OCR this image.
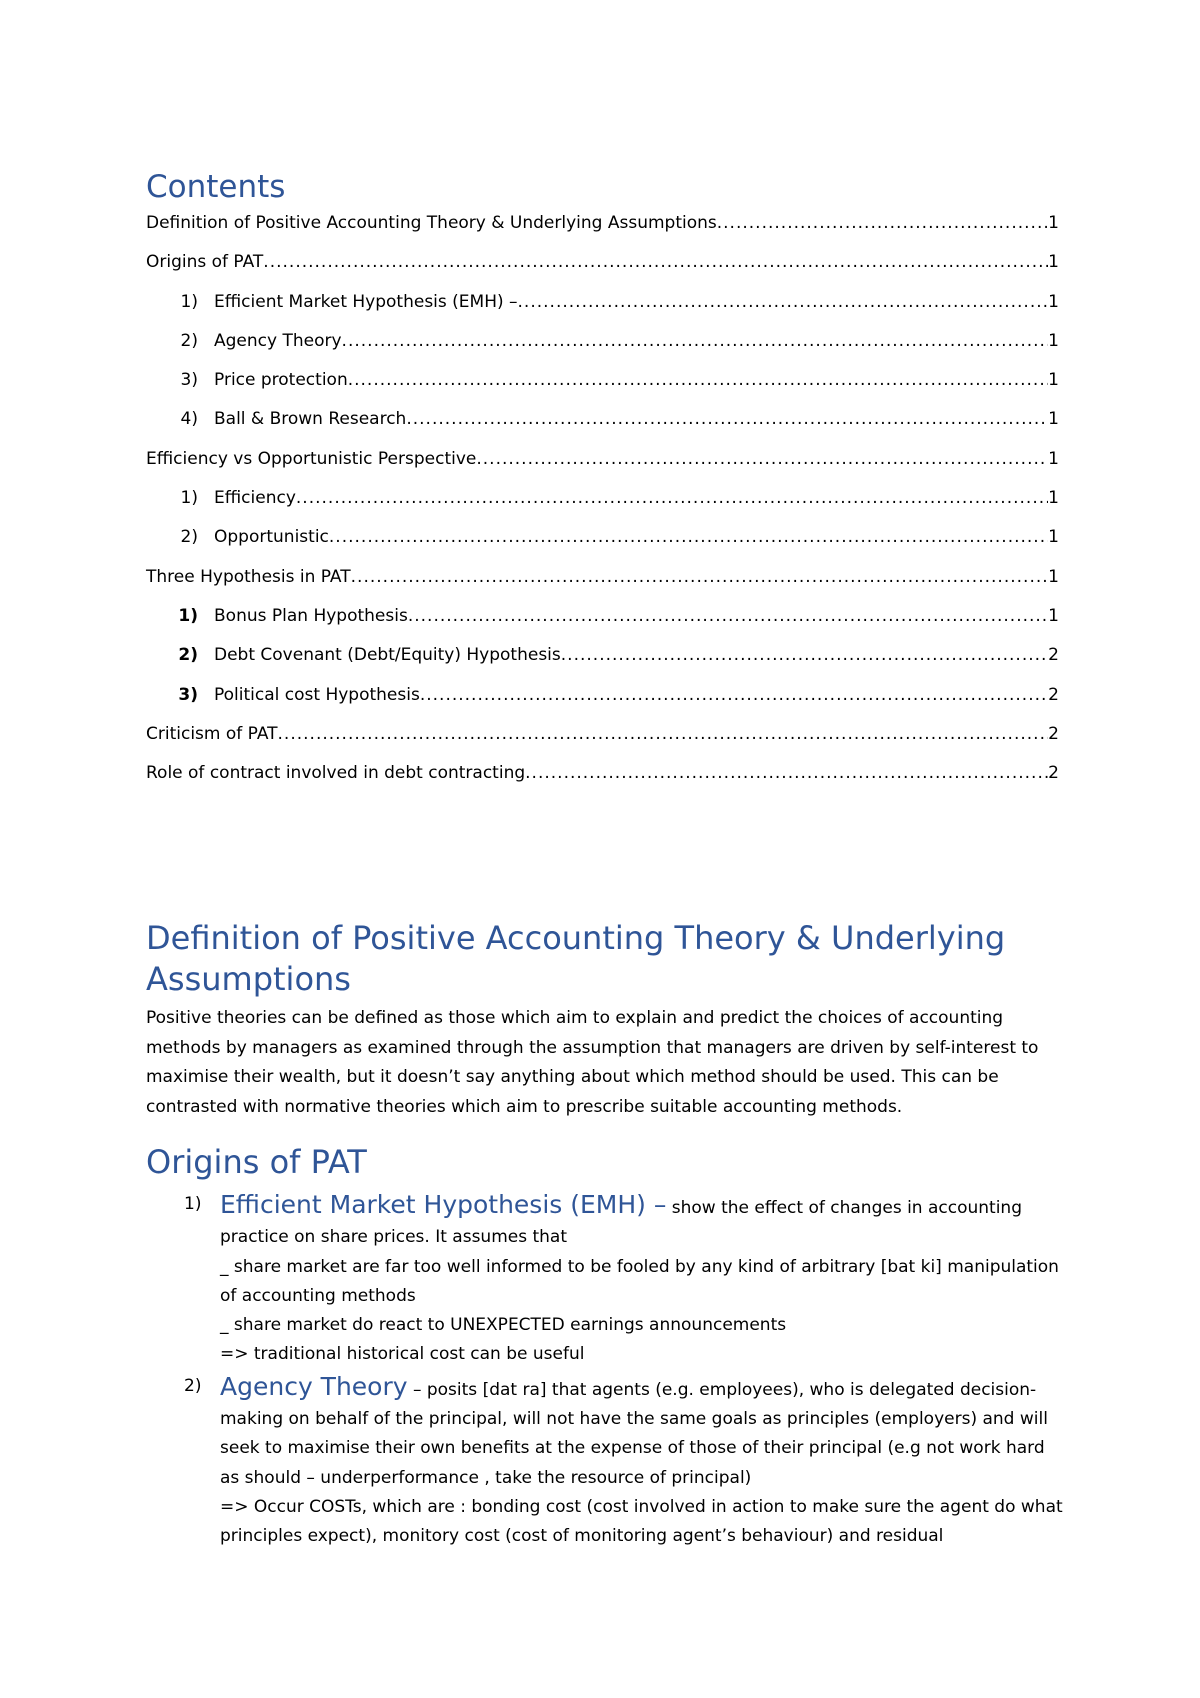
Contents
Definition of Positive Accounting Theory & Underlying Assumptions .....	1
Origins of PAT .....	1
1) Efficient Market Hypothesis (EMH) – .....	1
2) Agency Theory .....	1
3) Price protection .....	1
4) Ball & Brown Research .....	1
Efficiency vs Opportunistic Perspective .....	1
1) Efficiency .....	1
2) Opportunistic .....	1
Three Hypothesis in PAT .....	1
1) Bonus Plan Hypothesis .....	1
2) Debt Covenant (Debt/Equity) Hypothesis .....	2
3) Political cost Hypothesis .....	2
Criticism of PAT .....	2
Role of contract involved in debt contracting .....	2
Definition of Positive Accounting Theory & Underlying Assumptions

Positive theories can be defined as those which aim to explain and predict the choices of accounting methods by managers as examined through the assumption that managers are driven by self-interest to maximise their wealth, but it doesn’t say anything about which method should be used. This can be contrasted with normative theories which aim to prescribe suitable accounting methods.

Origins of PAT
1) Efficient Market Hypothesis (EMH) – show the effect of changes in accounting practice on share prices. It assumes that
_ share market are far too well informed to be fooled by any kind of arbitrary [bat ki] manipulation of accounting methods
_ share market do react to UNEXPECTED earnings announcements
=> traditional historical cost can be useful
2) Agency Theory – posits [dat ra] that agents (e.g. employees), who is delegated decision-making on behalf of the principal, will not have the same goals as principles (employers) and will seek to maximise their own benefits at the expense of those of their principal (e.g not work hard as should – underperformance , take the resource of principal)
=> Occur COSTs, which are : bonding cost (cost involved in action to make sure the agent do what principles expect), monitory cost (cost of monitoring agent’s behaviour) and residual
